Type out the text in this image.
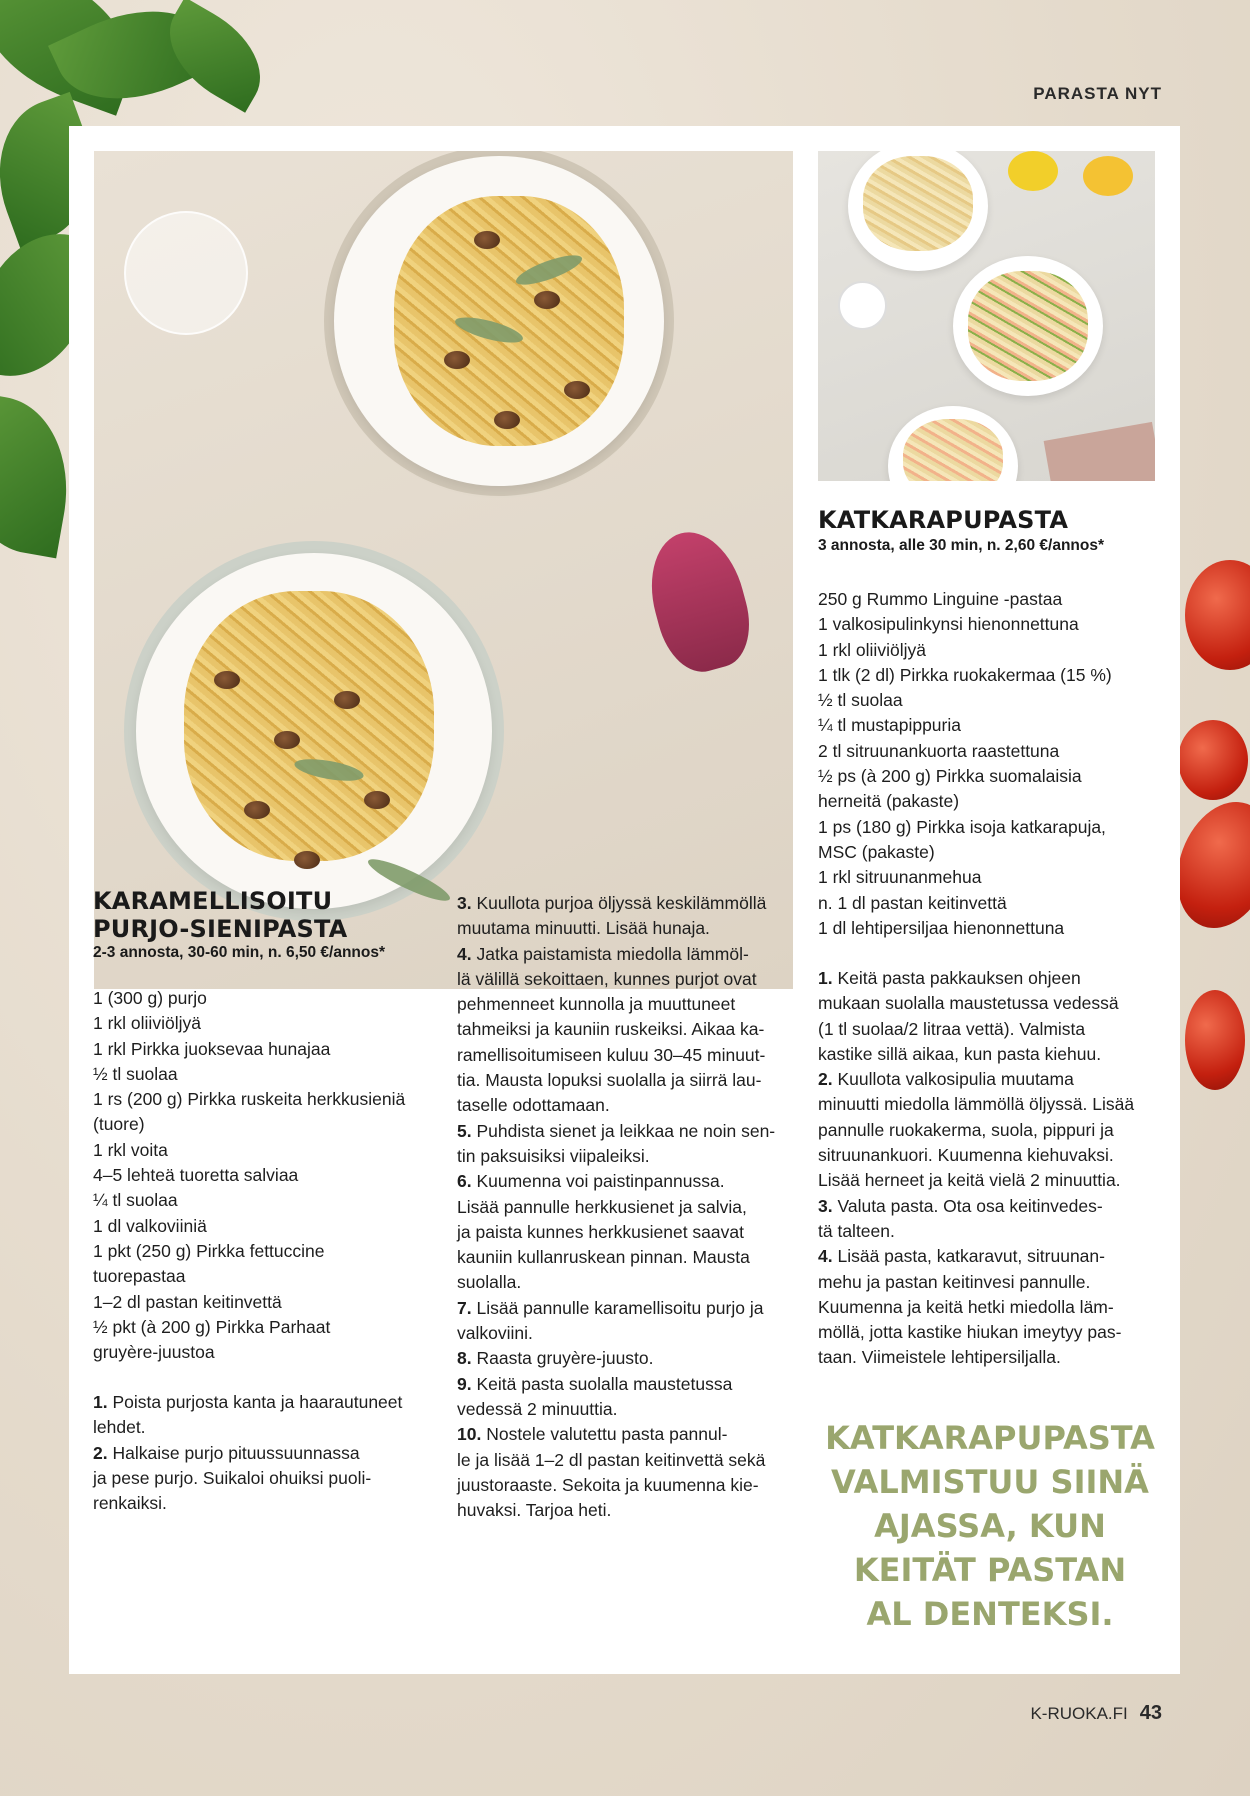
PARASTA NYT
KARAMELLISOITU
PURJO-SIENIPASTA
2-3 annosta, 30-60 min, n. 6,50 €/annos*
1 (300 g) purjo
1 rkl oliiviöljyä
1 rkl Pirkka juoksevaa hunajaa
½ tl suolaa
1 rs (200 g) Pirkka ruskeita herkkusieniä
(tuore)
1 rkl voita
4–5 lehteä tuoretta salviaa
¼ tl suolaa
1 dl valkoviiniä
1 pkt (250 g) Pirkka fettuccine
tuorepastaa
1–2 dl pastan keitinvettä
½ pkt (à 200 g) Pirkka Parhaat
gruyère-juustoa
1. Poista purjosta kanta ja haarautuneet
lehdet.
2. Halkaise purjo pituussuunnassa
ja pese purjo. Suikaloi ohuiksi puoli-
renkaiksi.
3. Kuullota purjoa öljyssä keskilämmöllä
muutama minuutti. Lisää hunaja.
4. Jatka paistamista miedolla lämmöl-
lä välillä sekoittaen, kunnes purjot ovat
pehmenneet kunnolla ja muuttuneet
tahmeiksi ja kauniin ruskeiksi. Aikaa ka-
ramellisoitumiseen kuluu 30–45 minuut-
tia. Mausta lopuksi suolalla ja siirrä lau-
taselle odottamaan.
5. Puhdista sienet ja leikkaa ne noin sen-
tin paksuisiksi viipaleiksi.
6. Kuumenna voi paistinpannussa.
Lisää pannulle herkkusienet ja salvia,
ja paista kunnes herkkusienet saavat
kauniin kullanruskean pinnan. Mausta
suolalla.
7. Lisää pannulle karamellisoitu purjo ja
valkoviini.
8. Raasta gruyère-juusto.
9. Keitä pasta suolalla maustetussa
vedessä 2 minuuttia.
10. Nostele valutettu pasta pannul-
le ja lisää 1–2 dl pastan keitinvettä sekä
juustoraaste. Sekoita ja kuumenna kie-
huvaksi. Tarjoa heti.
KATKARAPUPASTA
3 annosta, alle 30 min, n. 2,60 €/annos*
250 g Rummo Linguine -pastaa
1 valkosipulinkynsi hienonnettuna
1 rkl oliiviöljyä
1 tlk (2 dl) Pirkka ruokakermaa (15 %)
½ tl suolaa
¼ tl mustapippuria
2 tl sitruunankuorta raastettuna
½ ps (à 200 g) Pirkka suomalaisia
herneitä (pakaste)
1 ps (180 g) Pirkka isoja katkarapuja,
MSC (pakaste)
1 rkl sitruunanmehua
n. 1 dl pastan keitinvettä
1 dl lehtipersiljaa hienonnettuna
1. Keitä pasta pakkauksen ohjeen
mukaan suolalla maustetussa vedessä
(1 tl suolaa/2 litraa vettä). Valmista
kastike sillä aikaa, kun pasta kiehuu.
2. Kuullota valkosipulia muutama
minuutti miedolla lämmöllä öljyssä. Lisää
pannulle ruokakerma, suola, pippuri ja
sitruunankuori. Kuumenna kiehuvaksi.
Lisää herneet ja keitä vielä 2 minuuttia.
3. Valuta pasta. Ota osa keitinvedes-
tä talteen.
4. Lisää pasta, katkaravut, sitruunan-
mehu ja pastan keitinvesi pannulle.
Kuumenna ja keitä hetki miedolla läm-
möllä, jotta kastike hiukan imeytyy pas-
taan. Viimeistele lehtipersiljalla.
KATKARAPUPASTA
VALMISTUU SIINÄ
AJASSA, KUN
KEITÄT PASTAN
AL DENTEKSI.
K-RUOKA.FI 43
